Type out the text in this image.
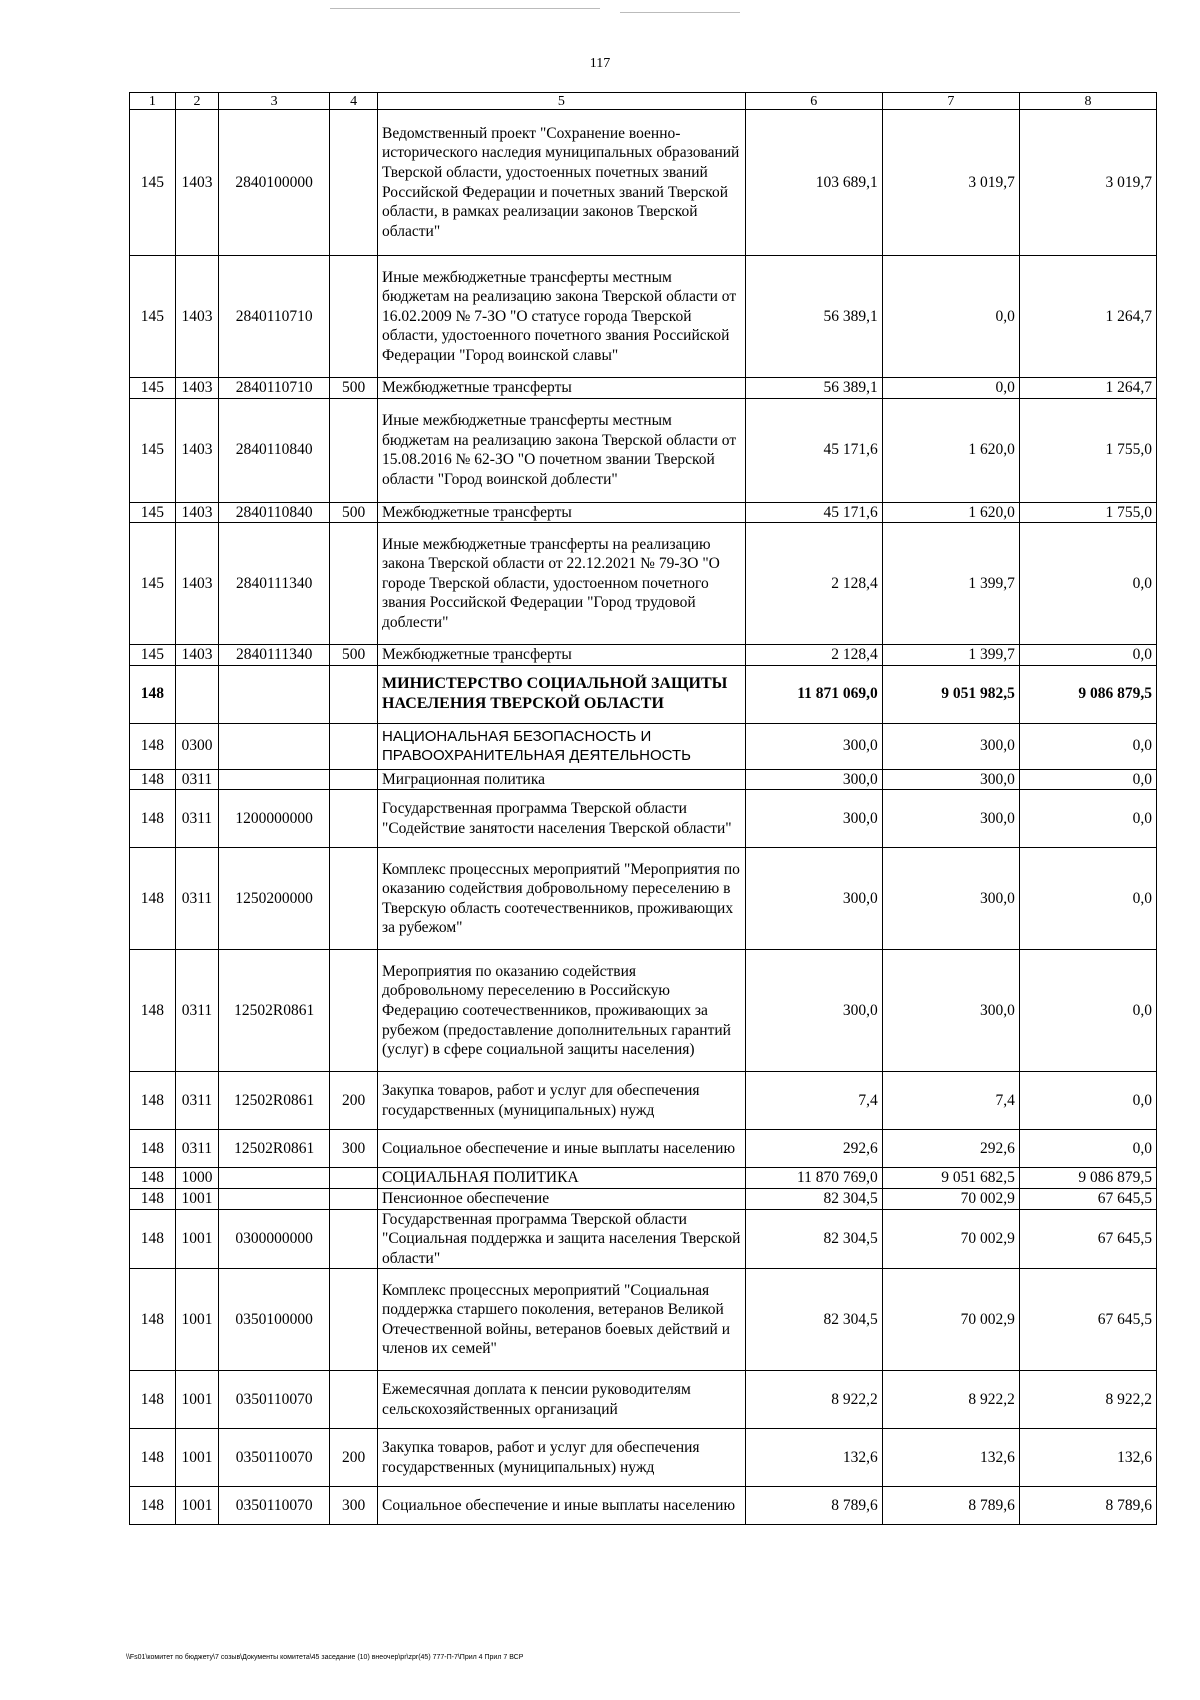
117
1	2	3	4	5	6	7	8
145	1403	2840100000		Ведомственный проект "Сохранение военно-исторического наследия муниципальных образований Тверской области, удостоенных почетных званий Российской Федерации и почетных званий Тверской области, в рамках реализации законов Тверской области"	103 689,1	3 019,7	3 019,7
145	1403	2840110710		Иные межбюджетные трансферты местным бюджетам на реализацию закона Тверской области от 16.02.2009 № 7-ЗО "О статусе города Тверской области, удостоенного почетного звания Российской Федерации "Город воинской славы"	56 389,1	0,0	1 264,7
145	1403	2840110710	500	Межбюджетные трансферты	56 389,1	0,0	1 264,7
145	1403	2840110840		Иные межбюджетные трансферты местным бюджетам на реализацию закона Тверской области от 15.08.2016 № 62-ЗО "О почетном звании Тверской области "Город воинской доблести"	45 171,6	1 620,0	1 755,0
145	1403	2840110840	500	Межбюджетные трансферты	45 171,6	1 620,0	1 755,0
145	1403	2840111340		Иные межбюджетные трансферты на реализацию закона Тверской области от 22.12.2021 № 79-ЗО "О городе Тверской области, удостоенном почетного звания Российской Федерации "Город трудовой доблести"	2 128,4	1 399,7	0,0
145	1403	2840111340	500	Межбюджетные трансферты	2 128,4	1 399,7	0,0
148				МИНИСТЕРСТВО СОЦИАЛЬНОЙ ЗАЩИТЫ НАСЕЛЕНИЯ ТВЕРСКОЙ ОБЛАСТИ	11 871 069,0	9 051 982,5	9 086 879,5
148	0300			НАЦИОНАЛЬНАЯ БЕЗОПАСНОСТЬ И ПРАВООХРАНИТЕЛЬНАЯ ДЕЯТЕЛЬНОСТЬ	300,0	300,0	0,0
148	0311			Миграционная политика	300,0	300,0	0,0
148	0311	1200000000		Государственная программа Тверской области "Содействие занятости населения Тверской области"	300,0	300,0	0,0
148	0311	1250200000		Комплекс процессных мероприятий "Мероприятия по оказанию содействия добровольному переселению в Тверскую область соотечественников, проживающих за рубежом"	300,0	300,0	0,0
148	0311	12502R0861		Мероприятия по оказанию содействия добровольному переселению в Российскую Федерацию соотечественников, проживающих за рубежом (предоставление дополнительных гарантий (услуг) в сфере социальной защиты населения)	300,0	300,0	0,0
148	0311	12502R0861	200	Закупка товаров, работ и услуг для обеспечения государственных (муниципальных) нужд	7,4	7,4	0,0
148	0311	12502R0861	300	Социальное обеспечение и иные выплаты населению	292,6	292,6	0,0
148	1000			СОЦИАЛЬНАЯ ПОЛИТИКА	11 870 769,0	9 051 682,5	9 086 879,5
148	1001			Пенсионное обеспечение	82 304,5	70 002,9	67 645,5
148	1001	0300000000		Государственная программа Тверской области "Социальная поддержка и защита населения Тверской области"	82 304,5	70 002,9	67 645,5
148	1001	0350100000		Комплекс процессных мероприятий "Социальная поддержка старшего поколения, ветеранов Великой Отечественной войны, ветеранов боевых действий и членов их семей"	82 304,5	70 002,9	67 645,5
148	1001	0350110070		Ежемесячная доплата к пенсии руководителям сельскохозяйственных организаций	8 922,2	8 922,2	8 922,2
148	1001	0350110070	200	Закупка товаров, работ и услуг для обеспечения государственных (муниципальных) нужд	132,6	132,6	132,6
148	1001	0350110070	300	Социальное обеспечение и иные выплаты населению	8 789,6	8 789,6	8 789,6
\\Fs01\комитет по бюджету\7 созыв\Документы комитета\45 заседание (10) внеочер\pr\zpr(45) 777-П-7\Прил 4 Прил 7 ВСР
